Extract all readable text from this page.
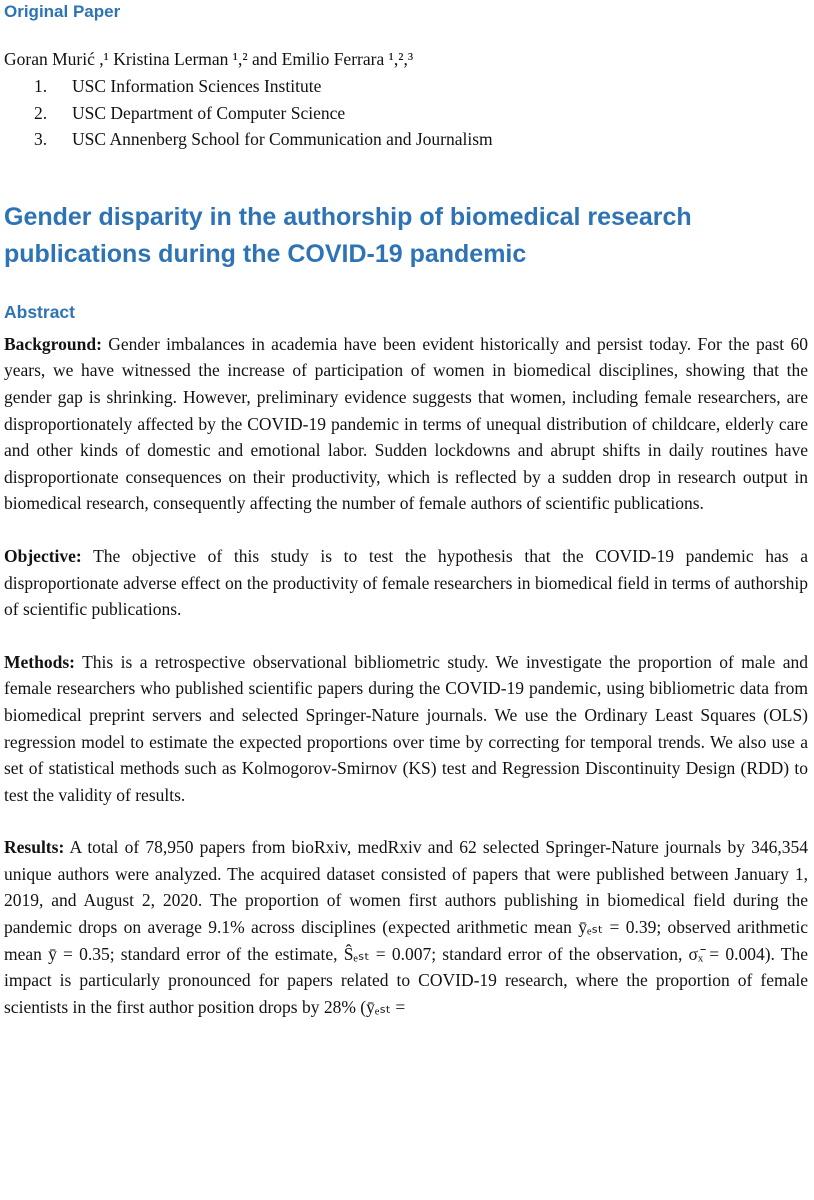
Original Paper
Goran Murić ,¹ Kristina Lerman ¹,² and Emilio Ferrara ¹,²,³
1.	USC Information Sciences Institute
2.	USC Department of Computer Science
3.	USC Annenberg School for Communication and Journalism
Gender disparity in the authorship of biomedical research publications during the COVID-19 pandemic
Abstract

Background: Gender imbalances in academia have been evident historically and persist today. For the past 60 years, we have witnessed the increase of participation of women in biomedical disciplines, showing that the gender gap is shrinking. However, preliminary evidence suggests that women, including female researchers, are disproportionately affected by the COVID-19 pandemic in terms of unequal distribution of childcare, elderly care and other kinds of domestic and emotional labor. Sudden lockdowns and abrupt shifts in daily routines have disproportionate consequences on their productivity, which is reflected by a sudden drop in research output in biomedical research, consequently affecting the number of female authors of scientific publications.

Objective: The objective of this study is to test the hypothesis that the COVID-19 pandemic has a disproportionate adverse effect on the productivity of female researchers in biomedical field in terms of authorship of scientific publications.

Methods: This is a retrospective observational bibliometric study. We investigate the proportion of male and female researchers who published scientific papers during the COVID-19 pandemic, using bibliometric data from biomedical preprint servers and selected Springer-Nature journals. We use the Ordinary Least Squares (OLS) regression model to estimate the expected proportions over time by correcting for temporal trends. We also use a set of statistical methods such as Kolmogorov-Smirnov (KS) test and Regression Discontinuity Design (RDD) to test the validity of results.

Results: A total of 78,950 papers from bioRxiv, medRxiv and 62 selected Springer-Nature journals by 346,354 unique authors were analyzed. The acquired dataset consisted of papers that were published between January 1, 2019, and August 2, 2020. The proportion of women first authors publishing in biomedical field during the pandemic drops on average 9.1% across disciplines (expected arithmetic mean ȳₑₛₜ = 0.39; observed arithmetic mean ȳ = 0.35; standard error of the estimate, Ŝₑₛₜ = 0.007; standard error of the observation, σₓ̄ = 0.004). The impact is particularly pronounced for papers related to COVID-19 research, where the proportion of female scientists in the first author position drops by 28% (ȳₑₛₜ =
